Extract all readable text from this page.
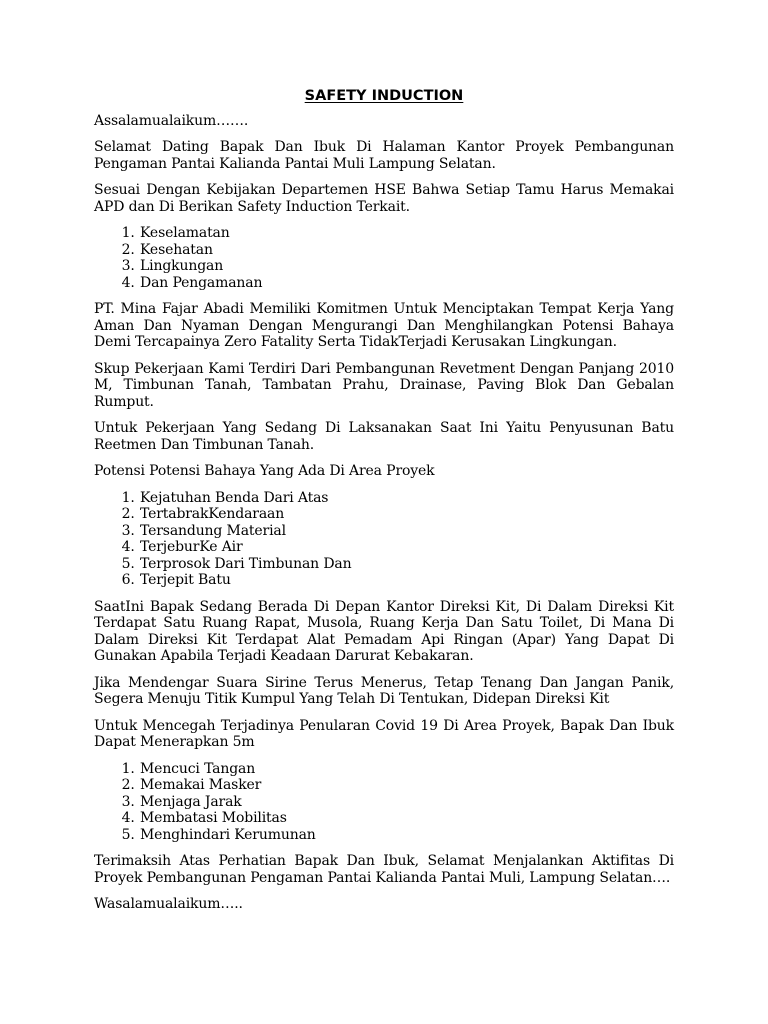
SAFETY INDUCTION

Assalamualaikum…….

Selamat Dating Bapak Dan Ibuk Di Halaman Kantor Proyek Pembangunan Pengaman Pantai Kalianda Pantai Muli Lampung Selatan.

Sesuai Dengan Kebijakan Departemen HSE Bahwa Setiap Tamu Harus Memakai APD dan Di Berikan Safety Induction Terkait.

1. Keselamatan
2. Kesehatan
3. Lingkungan
4. Dan Pengamanan

PT. Mina Fajar Abadi Memiliki Komitmen Untuk Menciptakan Tempat Kerja Yang Aman Dan Nyaman Dengan Mengurangi Dan Menghilangkan Potensi Bahaya Demi Tercapainya Zero Fatality Serta TidakTerjadi Kerusakan Lingkungan.

Skup Pekerjaan Kami Terdiri Dari Pembangunan Revetment Dengan Panjang 2010 M, Timbunan Tanah, Tambatan Prahu, Drainase, Paving Blok Dan Gebalan Rumput.

Untuk Pekerjaan Yang Sedang Di Laksanakan Saat Ini Yaitu Penyusunan Batu Reetmen Dan Timbunan Tanah.

Potensi Potensi Bahaya Yang Ada Di Area Proyek

1. Kejatuhan Benda Dari Atas
2. TertabrakKendaraan
3. Tersandung Material
4. TerjeburKe Air
5. Terprosok Dari Timbunan Dan
6. Terjepit Batu

SaatIni Bapak Sedang Berada Di Depan Kantor Direksi Kit, Di Dalam Direksi Kit Terdapat Satu Ruang Rapat, Musola, Ruang Kerja Dan Satu Toilet, Di Mana Di Dalam Direksi Kit Terdapat Alat Pemadam Api Ringan (Apar) Yang Dapat Di Gunakan Apabila Terjadi Keadaan Darurat Kebakaran.

Jika Mendengar Suara Sirine Terus Menerus, Tetap Tenang Dan Jangan Panik, Segera Menuju Titik Kumpul Yang Telah Di Tentukan, Didepan Direksi Kit

Untuk Mencegah Terjadinya Penularan Covid 19 Di Area Proyek, Bapak Dan Ibuk Dapat Menerapkan 5m

1. Mencuci Tangan
2. Memakai Masker
3. Menjaga Jarak
4. Membatasi Mobilitas
5. Menghindari Kerumunan

Terimaksih Atas Perhatian Bapak Dan Ibuk, Selamat Menjalankan Aktifitas Di Proyek Pembangunan Pengaman Pantai Kalianda Pantai Muli, Lampung Selatan….

Wasalamualaikum…..
